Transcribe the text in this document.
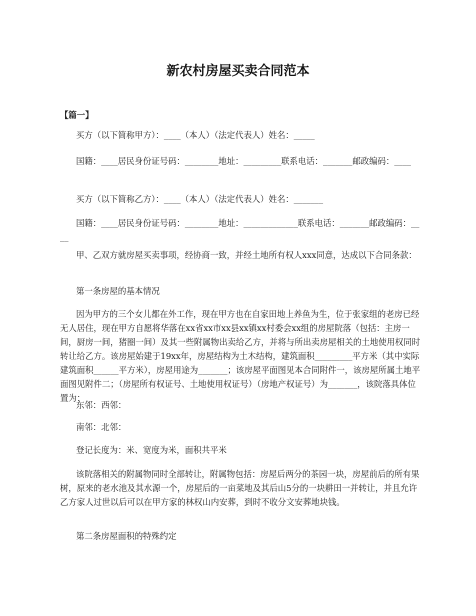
新农村房屋买卖合同范本

【篇一】

买方（以下简称甲方）：____（本人）（法定代表人）姓名：_____

国籍：____居民身份证号码：________地址：_________联系电话：_______邮政编码：____

买方（以下简称乙方）：____（本人）（法定代表人）姓名：_______

国籍：____居民身份证号码：________地址：_____________联系电话：_______邮政编码：____

甲、乙双方就房屋买卖事项，经协商一致，并经土地所有权人xxx同意，达成以下合同条款：

第一条房屋的基本情况

因为甲方的三个女儿都在外工作，现在甲方也在自家田地上养鱼为生，位于张家组的老房已经无人居住，现在甲方自愿将华落在xx省xx市xx县xx镇xx村委会xx组的房屋院落（包括：主房一间，厨房一间，猪圈一间）及其一些附属物出卖给乙方，并将与所出卖房屋相关的土地使用权同时转让给乙方。该房屋始建于19xx年，房屋结构为土木结构，建筑面积_________平方米（其中实际建筑面积______平方米），房屋用途为_______；该房屋平面图见本合同附件一，该房屋所属土地平面图见附件二；（房屋所有权证号、土地使用权证号）（房地产权证号）为_______，该院落具体位置为：

东邻：西邻：

南邻：北邻：

登记长度为：米、宽度为米，面积共平米

该院落相关的附属物同时全部转让，附属物包括：房屋后两分的茶园一块，房屋前后的所有果树，原来的老水池及其水源一个，房屋后的一亩菜地及其后山5分的一块耕田一并转让，并且允许乙方家人过世以后可以在甲方家的林权山内安葬，到时不收分文安葬地块钱。

第二条房屋面积的特殊约定
